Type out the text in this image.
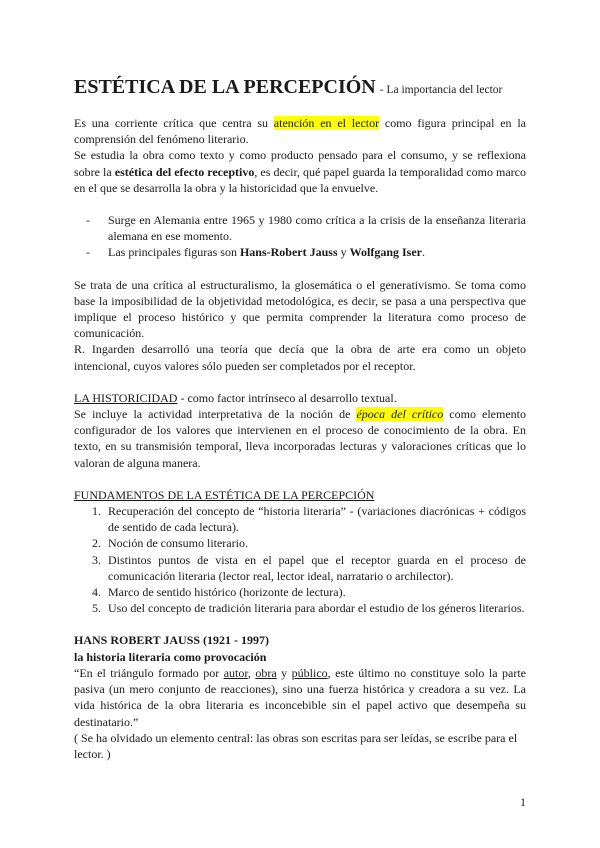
ESTÉTICA DE LA PERCEPCIÓN - La importancia del lector

Es una corriente crítica que centra su atención en el lector como figura principal en la comprensión del fenómeno literario.

Se estudia la obra como texto y como producto pensado para el consumo, y se reflexiona sobre la estética del efecto receptivo, es decir, qué papel guarda la temporalidad como marco en el que se desarrolla la obra y la historicidad que la envuelve.

- Surge en Alemania entre 1965 y 1980 como crítica a la crisis de la enseñanza literaria alemana en ese momento.
- Las principales figuras son Hans-Robert Jauss y Wolfgang Iser.

Se trata de una crítica al estructuralismo, la glosemática o el generativismo. Se toma como base la imposibilidad de la objetividad metodológica, es decir, se pasa a una perspectiva que implique el proceso histórico y que permita comprender la literatura como proceso de comunicación.

R. Ingarden desarrolló una teoría que decía que la obra de arte era como un objeto intencional, cuyos valores sólo pueden ser completados por el receptor.

LA HISTORICIDAD - como factor intrínseco al desarrollo textual.

Se incluye la actividad interpretativa de la noción de época del crítico como elemento configurador de los valores que intervienen en el proceso de conocimiento de la obra. En texto, en su transmisión temporal, lleva incorporadas lecturas y valoraciones críticas que lo valoran de alguna manera.

FUNDAMENTOS DE LA ESTÉTICA DE LA PERCEPCIÓN
1. Recuperación del concepto de “historia literaria” - (variaciones diacrónicas + códigos de sentido de cada lectura).
2. Noción de consumo literario.
3. Distintos puntos de vista en el papel que el receptor guarda en el proceso de comunicación literaria (lector real, lector ideal, narratario o archilector).
4. Marco de sentido histórico (horizonte de lectura).
5. Uso del concepto de tradición literaria para abordar el estudio de los géneros literarios.
HANS ROBERT JAUSS (1921 - 1997)
la historia literaria como provocación

“En el triángulo formado por autor, obra y público, este último no constituye solo la parte pasiva (un mero conjunto de reacciones), sino una fuerza histórica y creadora a su vez. La vida histórica de la obra literaria es inconcebible sin el papel activo que desempeña su destinatario.”

( Se ha olvidado un elemento central: las obras son escritas para ser leídas, se escribe para el lector. )

1
